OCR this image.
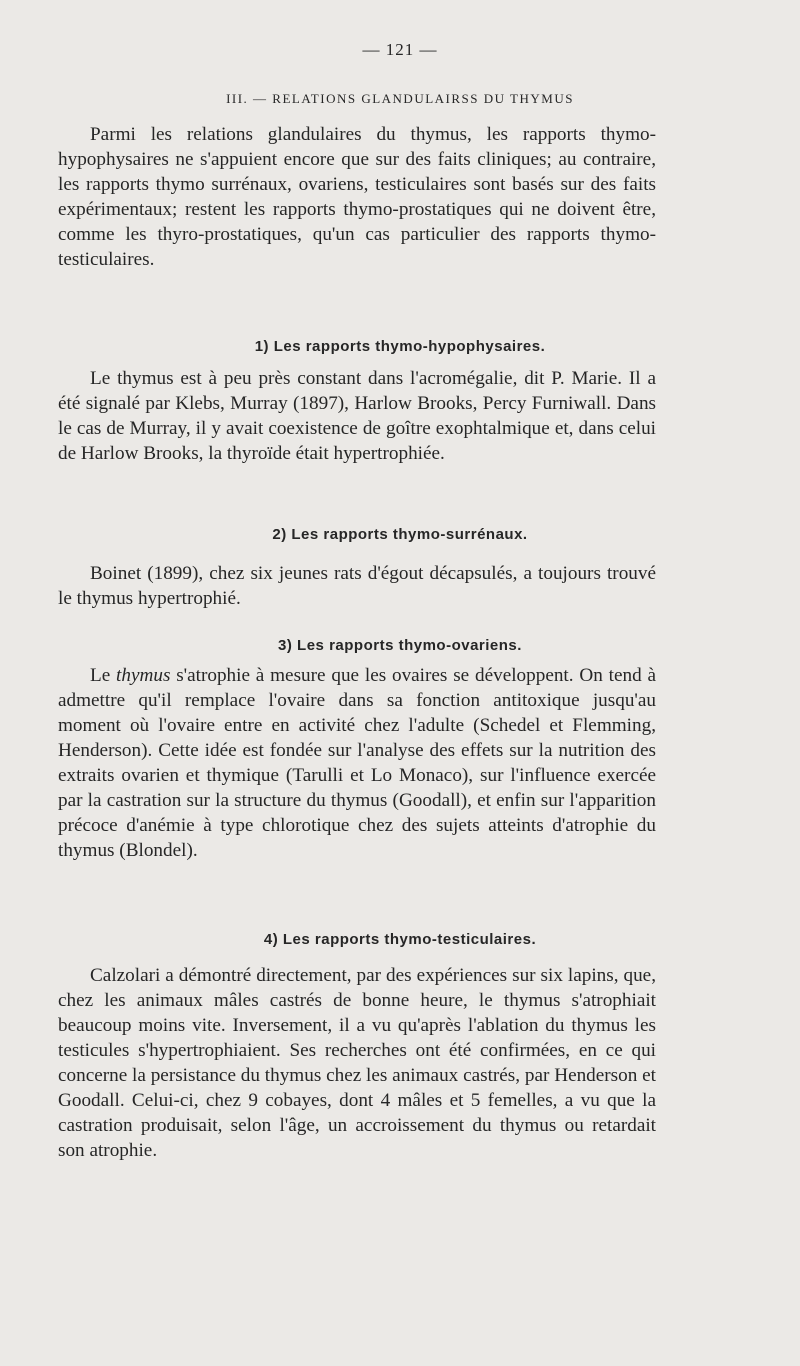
— 121 —
III. — RELATIONS GLANDULAIRSS DU THYMUS

Parmi les relations glandulaires du thymus, les rapports thymo-hypophysaires ne s'appuient encore que sur des faits cliniques; au contraire, les rapports thymo surrénaux, ovariens, testiculaires sont basés sur des faits expérimentaux; restent les rapports thymo-prostatiques qui ne doivent être, comme les thyro-prostatiques, qu'un cas particulier des rapports thymo-testiculaires.

1) Les rapports thymo-hypophysaires.

Le thymus est à peu près constant dans l'acromégalie, dit P. Marie. Il a été signalé par Klebs, Murray (1897), Harlow Brooks, Percy Furniwall. Dans le cas de Murray, il y avait coexistence de goître exophtalmique et, dans celui de Harlow Brooks, la thyroïde était hypertrophiée.

2) Les rapports thymo-surrénaux.

Boinet (1899), chez six jeunes rats d'égout décapsulés, a toujours trouvé le thymus hypertrophié.

3) Les rapports thymo-ovariens.

Le thymus s'atrophie à mesure que les ovaires se développent. On tend à admettre qu'il remplace l'ovaire dans sa fonction antitoxique jusqu'au moment où l'ovaire entre en activité chez l'adulte (Schedel et Flemming, Henderson). Cette idée est fondée sur l'analyse des effets sur la nutrition des extraits ovarien et thymique (Tarulli et Lo Monaco), sur l'influence exercée par la castration sur la structure du thymus (Goodall), et enfin sur l'apparition précoce d'anémie à type chlorotique chez des sujets atteints d'atrophie du thymus (Blondel).

4) Les rapports thymo-testiculaires.

Calzolari a démontré directement, par des expériences sur six lapins, que, chez les animaux mâles castrés de bonne heure, le thymus s'atrophiait beaucoup moins vite. Inversement, il a vu qu'après l'ablation du thymus les testicules s'hypertrophiaient. Ses recherches ont été confirmées, en ce qui concerne la persistance du thymus chez les animaux castrés, par Henderson et Goodall. Celui-ci, chez 9 cobayes, dont 4 mâles et 5 femelles, a vu que la castration produisait, selon l'âge, un accroissement du thymus ou retardait son atrophie.
